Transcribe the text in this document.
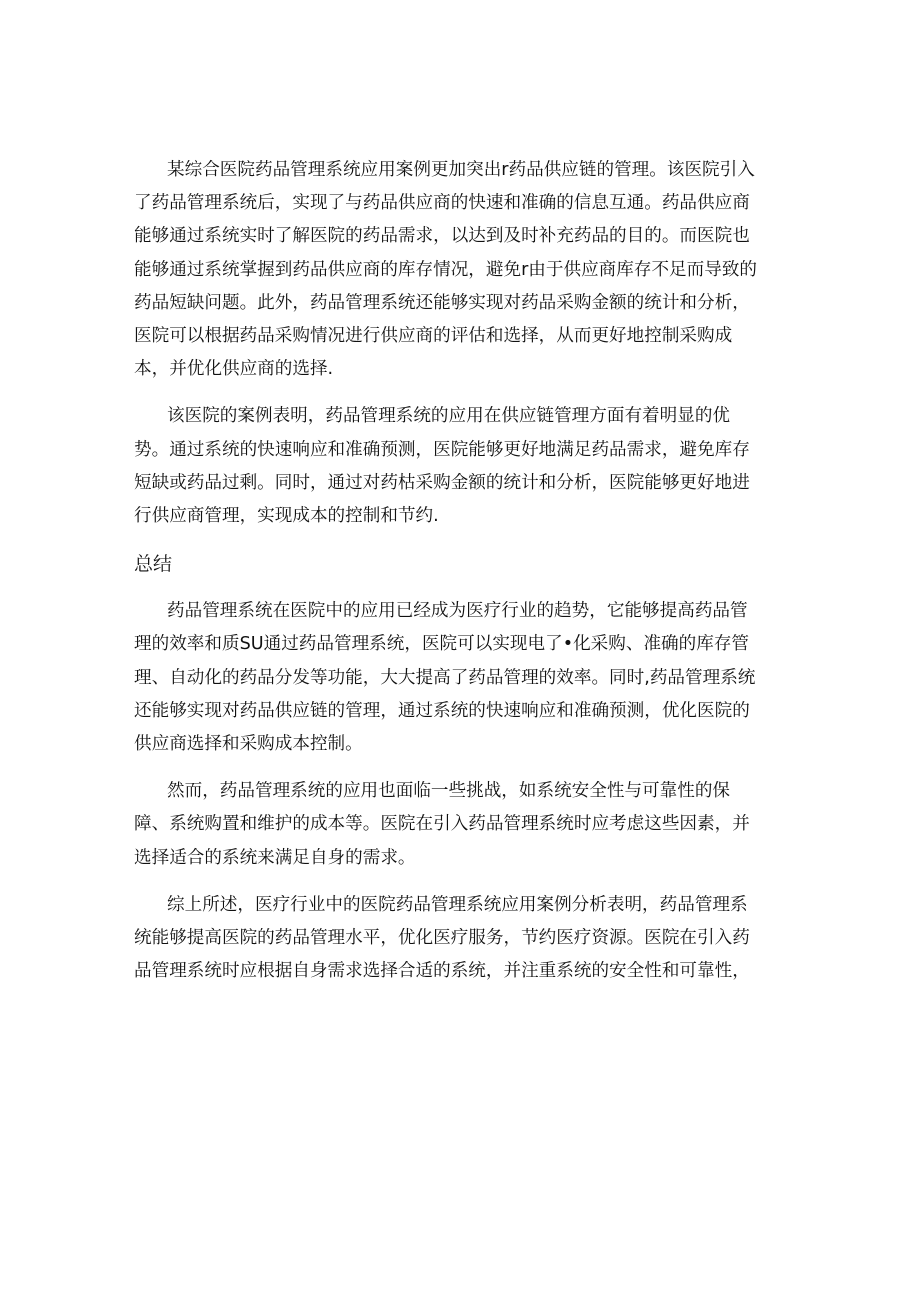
某综合医院药品管理系统应用案例更加突出r药品供应链的管理。该医院引入
了药品管理系统后，实现了与药品供应商的快速和准确的信息互通。药品供应商
能够通过系统实时了解医院的药品需求，以达到及时补充药品的目的。而医院也
能够通过系统掌握到药品供应商的库存情况，避免r由于供应商库存不足而导致的
药品短缺问题。此外，药品管理系统还能够实现对药品采购金额的统计和分析，
医院可以根据药品采购情况进行供应商的评估和选择，从而更好地控制采购成
本，并优化供应商的选择.
该医院的案例表明，药品管理系统的应用在供应链管理方面有着明显的优
势。通过系统的快速响应和准确预测，医院能够更好地满足药品需求，避免库存
短缺或药品过剩。同时，通过对药枯采购金额的统计和分析，医院能够更好地进
行供应商管理，实现成本的控制和节约.
总结
药品管理系统在医院中的应用已经成为医疗行业的趋势，它能够提高药品管
理的效率和质SU通过药品管理系统，医院可以实现电了•化采购、准确的库存管
理、自动化的药品分发等功能，大大提高了药品管理的效率。同时,药品管理系统
还能够实现对药品供应链的管理，通过系统的快速响应和准确预测，优化医院的
供应商选择和采购成本控制。
然而，药品管理系统的应用也面临一些挑战，如系统安全性与可靠性的保
障、系统购置和维护的成本等。医院在引入药品管理系统时应考虑这些因素，并
选择适合的系统来满足自身的需求。
综上所述，医疗行业中的医院药品管理系统应用案例分析表明，药品管理系
统能够提高医院的药品管理水平，优化医疗服务，节约医疗资源。医院在引入药
品管理系统时应根据自身需求选择合适的系统，并注重系统的安全性和可靠性，
